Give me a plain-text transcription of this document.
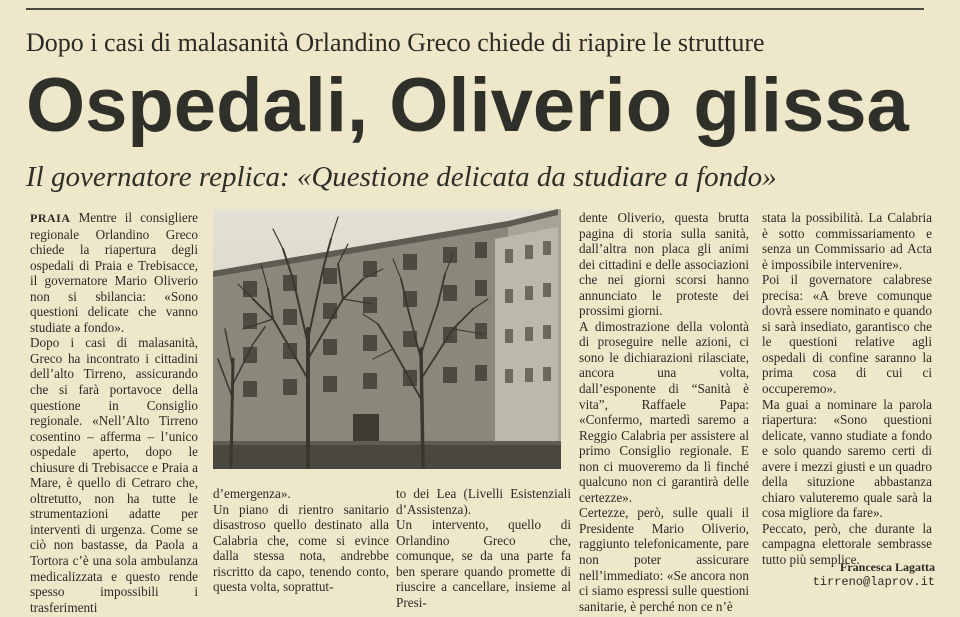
Dopo i casi di malasanità Orlandino Greco chiede di riapire le strutture
Ospedali, Oliverio glissa
Il governatore replica: «Questione delicata da studiare a fondo»

PRAIA Mentre il consigliere regionale Orlandino Greco chiede la riapertura degli ospedali di Praia e Trebisacce, il governatore Mario Oliverio non si sbilancia: «Sono questioni delicate che vanno studiate a fondo».

Dopo i casi di malasanità, Greco ha incontrato i cittadini dell’alto Tirreno, assicurando che si farà portavoce della questione in Consiglio regionale. «Nell’Alto Tirreno cosentino – afferma – l’unico ospedale aperto, dopo le chiusure di Trebisacce e Praia a Mare, è quello di Cetraro che, oltretutto, non ha tutte le strumentazioni adatte per interventi di urgenza. Come se ciò non bastasse, da Paola a Tortora c’è una sola ambulanza medicalizzata e questo rende spesso impossibili i trasferimenti

d’emergenza».

Un piano di rientro sanitario disastroso quello destinato alla Calabria che, come si evince dalla stessa nota, andrebbe riscritto da capo, tenendo conto, questa volta, soprattut-

to dei Lea (Livelli Esistenziali d’Assistenza).

Un intervento, quello di Orlandino Greco che, comunque, se da una parte fa ben sperare quando promette di riuscire a cancellare, insieme al Presi-

dente Oliverio, questa brutta pagina di storia sulla sanità, dall’altra non placa gli animi dei cittadini e delle associazioni che nei giorni scorsi hanno annunciato le proteste dei prossimi giorni.

A dimostrazione della volontà di proseguire nelle azioni, ci sono le dichiarazioni rilasciate, ancora una volta, dall’esponente di “Sanità è vita”, Raffaele Papa: «Confermo, martedì saremo a Reggio Calabria per assistere al primo Consiglio regionale. E non ci muoveremo da lì finché qualcuno non ci garantirà delle certezze».

Certezze, però, sulle quali il Presidente Mario Oliverio, raggiunto telefonicamente, pare non poter assicurare nell’immediato: «Se ancora non ci siamo espressi sulle questioni sanitarie, è perché non ce n’è

stata la possibilità. La Calabria è sotto commissariamento e senza un Commissario ad Acta è impossibile intervenire».

Poi il governatore calabrese precisa: «A breve comunque dovrà essere nominato e quando si sarà insediato, garantisco che le questioni relative agli ospedali di confine saranno la prima cosa di cui ci occuperemo».

Ma guai a nominare la parola riapertura: «Sono questioni delicate, vanno studiate a fondo e solo quando saremo certi di avere i mezzi giusti e un quadro della situzione abbastanza chiaro valuteremo quale sarà la cosa migliore da fare».

Peccato, però, che durante la campagna elettorale sembrasse tutto più semplice.

Francesca Lagatta
tirreno@laprov.it
